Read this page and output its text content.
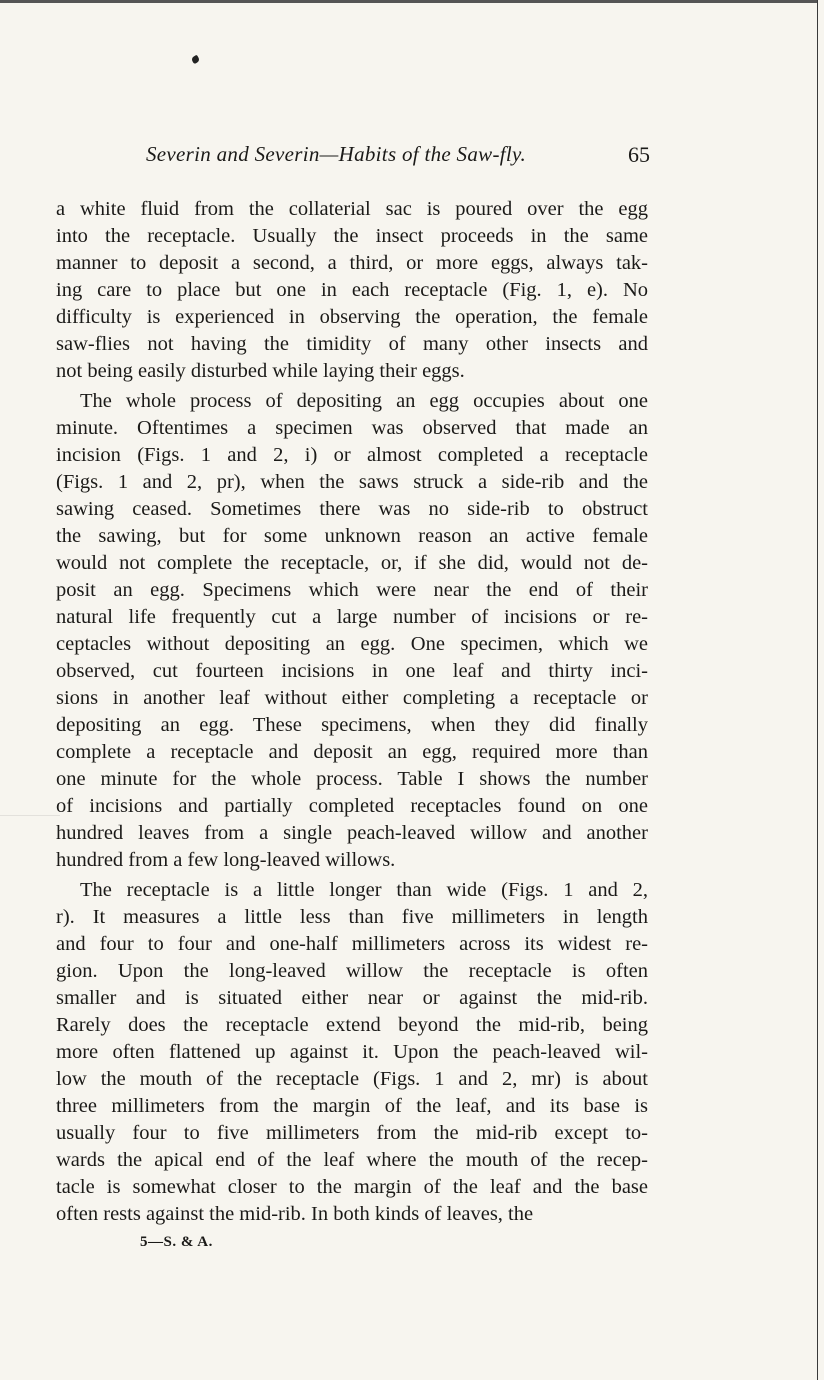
Severin and Severin—Habits of the Saw-fly.	65
a white fluid from the collaterial sac is poured over the egg
into the receptacle. Usually the insect proceeds in the same
manner to deposit a second, a third, or more eggs, always tak-
ing care to place but one in each receptacle (Fig. 1, e). No
difficulty is experienced in observing the operation, the female
saw-flies not having the timidity of many other insects and
not being easily disturbed while laying their eggs.
The whole process of depositing an egg occupies about one
minute. Oftentimes a specimen was observed that made an
incision (Figs. 1 and 2, i) or almost completed a receptacle
(Figs. 1 and 2, pr), when the saws struck a side-rib and the
sawing ceased. Sometimes there was no side-rib to obstruct
the sawing, but for some unknown reason an active female
would not complete the receptacle, or, if she did, would not de-
posit an egg. Specimens which were near the end of their
natural life frequently cut a large number of incisions or re-
ceptacles without depositing an egg. One specimen, which we
observed, cut fourteen incisions in one leaf and thirty inci-
sions in another leaf without either completing a receptacle or
depositing an egg. These specimens, when they did finally
complete a receptacle and deposit an egg, required more than
one minute for the whole process. Table I shows the number
of incisions and partially completed receptacles found on one
hundred leaves from a single peach-leaved willow and another
hundred from a few long-leaved willows.
The receptacle is a little longer than wide (Figs. 1 and 2,
r). It measures a little less than five millimeters in length
and four to four and one-half millimeters across its widest re-
gion. Upon the long-leaved willow the receptacle is often
smaller and is situated either near or against the mid-rib.
Rarely does the receptacle extend beyond the mid-rib, being
more often flattened up against it. Upon the peach-leaved wil-
low the mouth of the receptacle (Figs. 1 and 2, mr) is about
three millimeters from the margin of the leaf, and its base is
usually four to five millimeters from the mid-rib except to-
wards the apical end of the leaf where the mouth of the recep-
tacle is somewhat closer to the margin of the leaf and the base
often rests against the mid-rib. In both kinds of leaves, the
5—S. & A.
